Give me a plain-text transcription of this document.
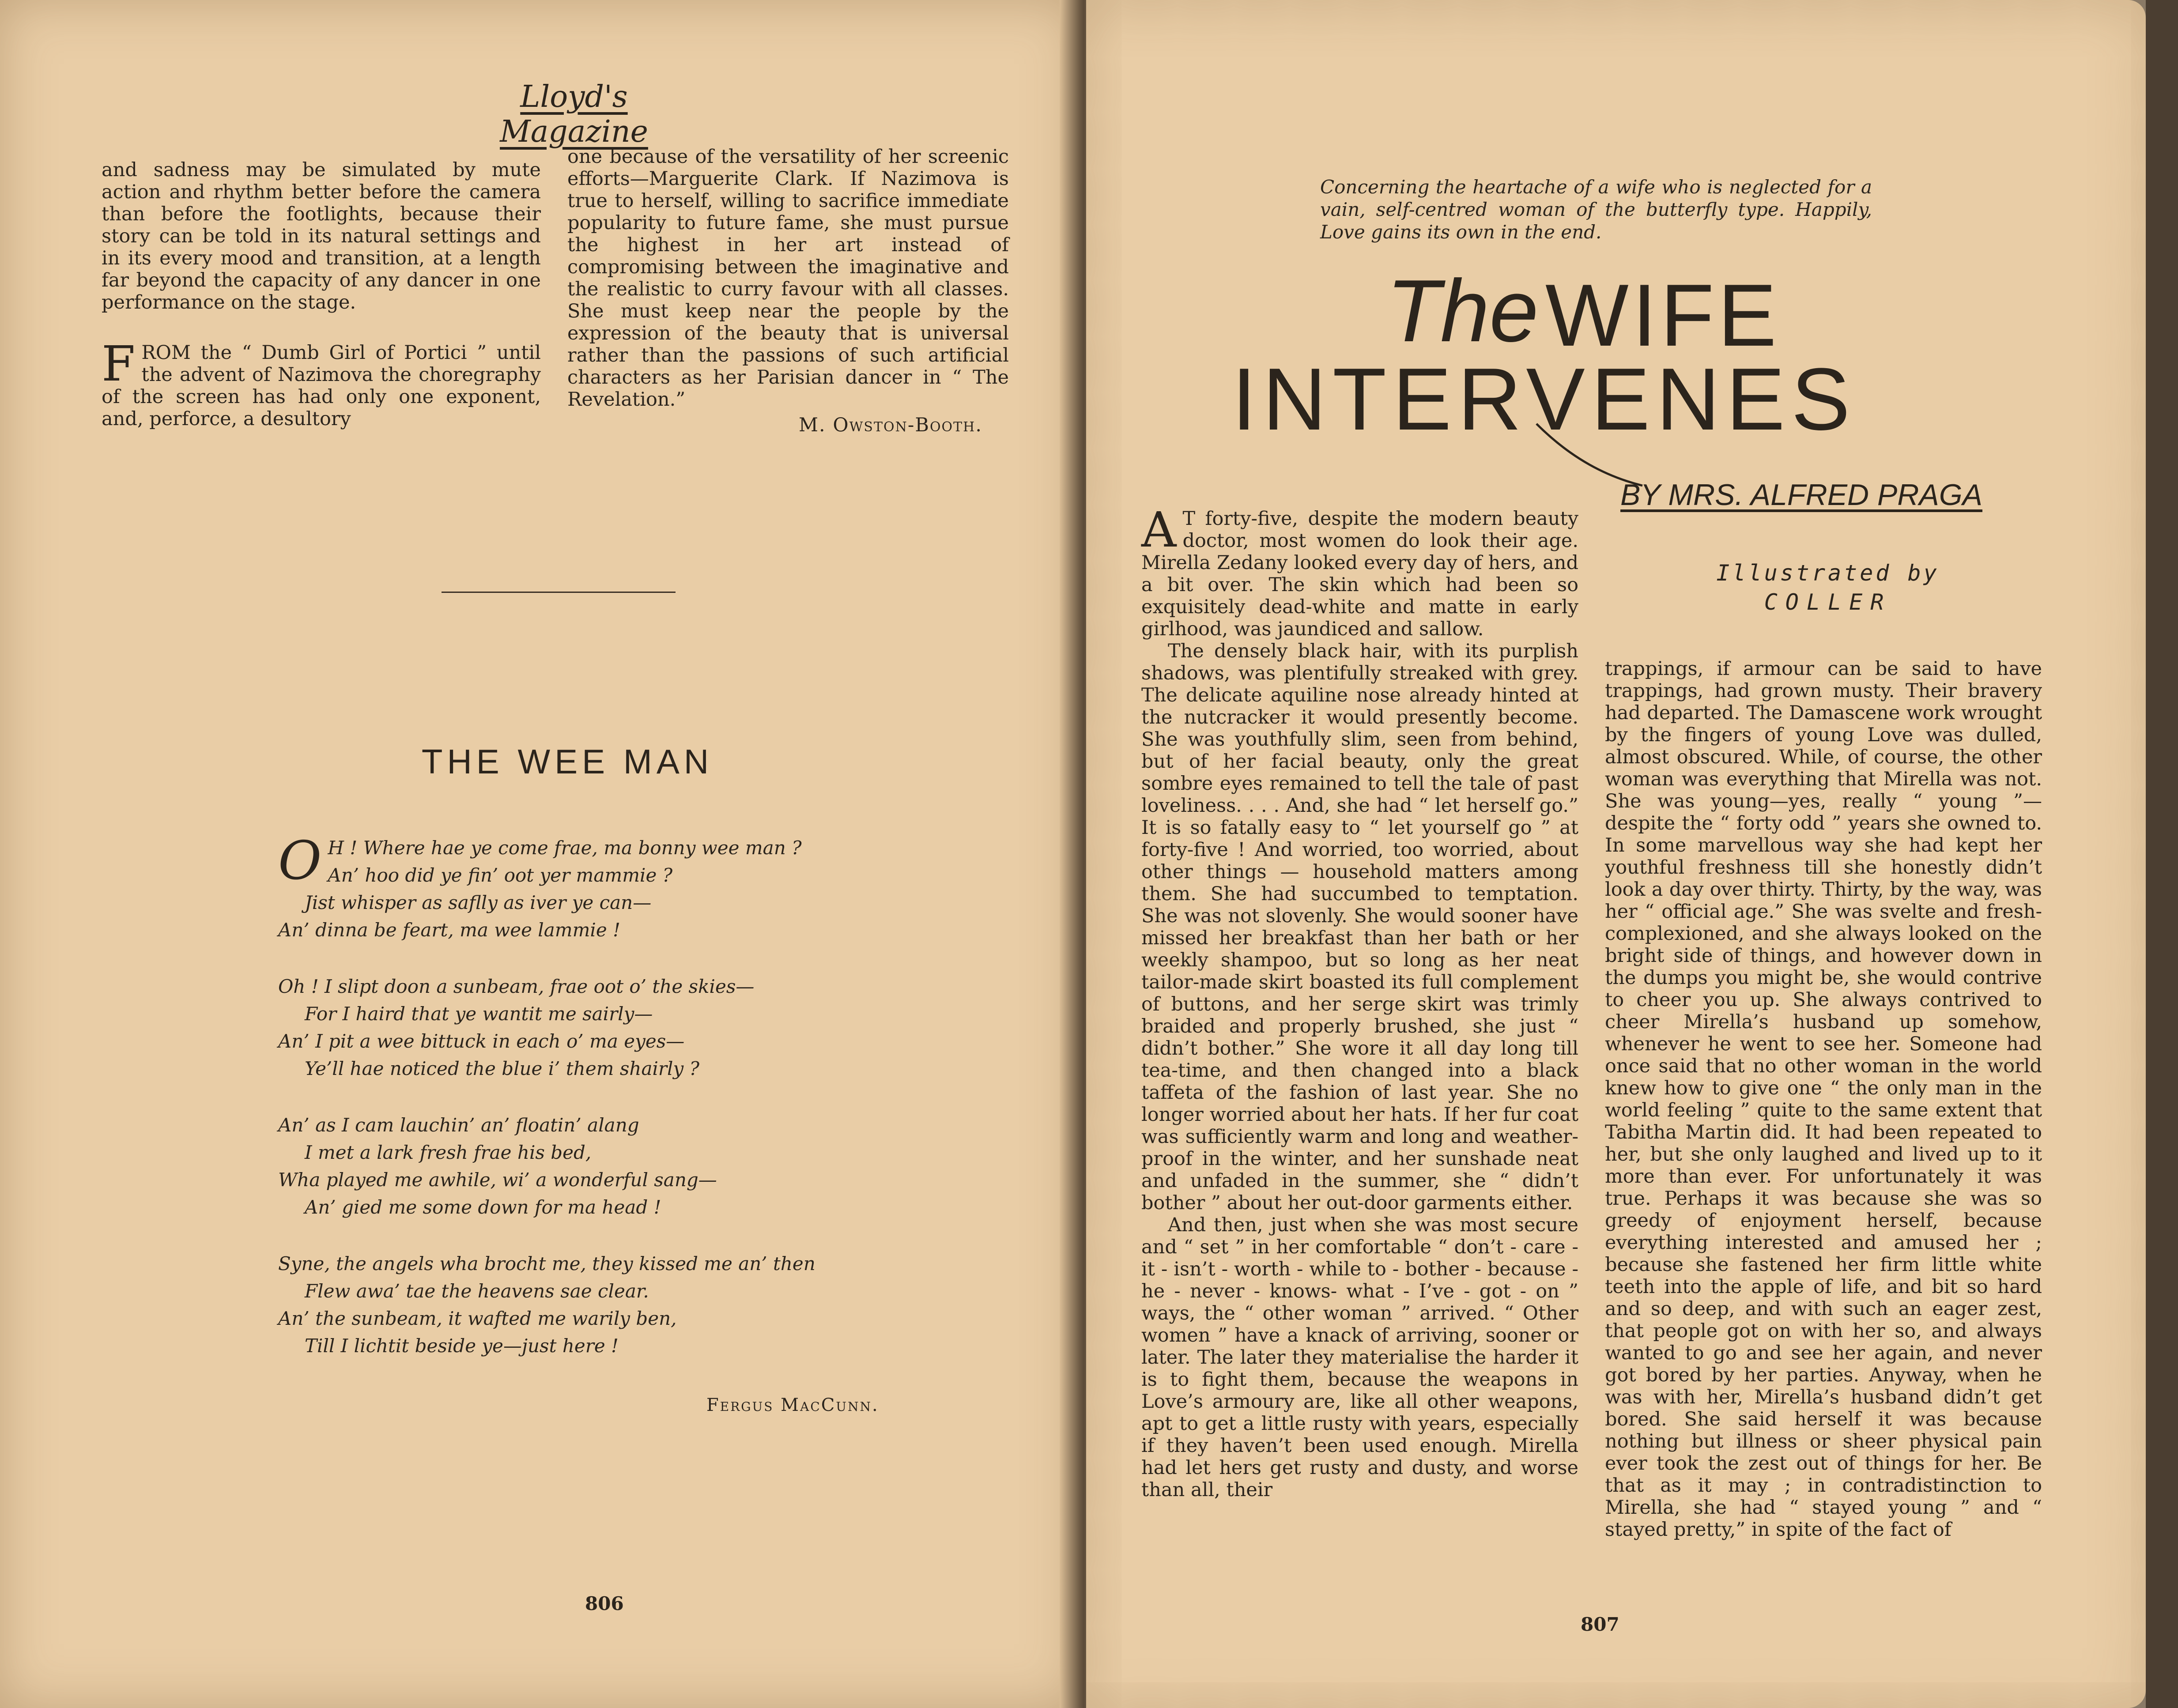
Lloyd's Magazine

and sadness may be simulated by mute action and rhythm better before the camera than before the footlights, because their story can be told in its natural settings and in its every mood and transition, at a length far beyond the capacity of any dancer in one performance on the stage.

FROM the “ Dumb Girl of Portici ” until the advent of Nazimova the choregraphy of the screen has had only one exponent, and, perforce, a desultory

one because of the versatility of her screenic efforts—Marguerite Clark. If Nazimova is true to herself, willing to sacrifice immediate popularity to future fame, she must pursue the highest in her art instead of compromising between the imaginative and the realistic to curry favour with all classes. She must keep near the people by the expression of the beauty that is universal rather than the passions of such artificial characters as her Parisian dancer in “ The Revelation.”

M. Owston-Booth.
THE WEE MAN
O H ! Where hae ye come frae, ma bonny wee man ?
An’ hoo did ye fin’ oot yer mammie ?
Jist whisper as saflly as iver ye can—
An’ dinna be feart, ma wee lammie !
Oh ! I slipt doon a sunbeam, frae oot o’ the skies—
For I haird that ye wantit me sairly—
An’ I pit a wee bittuck in each o’ ma eyes—
Ye’ll hae noticed the blue i’ them shairly ?
An’ as I cam lauchin’ an’ floatin’ alang
I met a lark fresh frae his bed,
Wha played me awhile, wi’ a wonderful sang—
An’ gied me some down for ma head !
Syne, the angels wha brocht me, they kissed me an’ then
Flew awa’ tae the heavens sae clear.
An’ the sunbeam, it wafted me warily ben,
Till I lichtit beside ye—just here !
Fergus MacCunn.
806
Concerning the heartache of a wife who is neglected for a vain, self-centred woman of the butterfly type. Happily, Love gains its own in the end.
The WIFE
INTERVENES
BY MRS. ALFRED PRAGA
Illustrated by
COLLER

A T forty-five, despite the modern beauty doctor, most women do look their age. Mirella Zedany looked every day of hers, and a bit over. The skin which had been so exquisitely dead-white and matte in early girlhood, was jaundiced and sallow.

The densely black hair, with its purplish shadows, was plentifully streaked with grey. The delicate aquiline nose already hinted at the nutcracker it would presently become. She was youthfully slim, seen from behind, but of her facial beauty, only the great sombre eyes remained to tell the tale of past loveliness. . . . And, she had “ let herself go.” It is so fatally easy to “ let yourself go ” at forty-five ! And worried, too worried, about other things — household matters among them. She had succumbed to temptation. She was not slovenly. She would sooner have missed her breakfast than her bath or her weekly shampoo, but so long as her neat tailor-made skirt boasted its full complement of buttons, and her serge skirt was trimly braided and properly brushed, she just “ didn’t bother.” She wore it all day long till tea-time, and then changed into a black taffeta of the fashion of last year. She no longer worried about her hats. If her fur coat was sufficiently warm and long and weather-proof in the winter, and her sunshade neat and unfaded in the summer, she “ didn’t bother ” about her out-door garments either.

And then, just when she was most secure and “ set ” in her comfortable “ don’t - care - it - isn’t - worth - while to - bother - because - he - never - knows- what - I’ve - got - on ” ways, the “ other woman ” arrived. “ Other women ” have a knack of arriving, sooner or later. The later they materialise the harder it is to fight them, because the weapons in Love’s armoury are, like all other weapons, apt to get a little rusty with years, especially if they haven’t been used enough. Mirella had let hers get rusty and dusty, and worse than all, their

trappings, if armour can be said to have trappings, had grown musty. Their bravery had departed. The Damascene work wrought by the fingers of young Love was dulled, almost obscured. While, of course, the other woman was everything that Mirella was not. She was young—yes, really “ young ”—despite the “ forty odd ” years she owned to. In some marvellous way she had kept her youthful freshness till she honestly didn’t look a day over thirty. Thirty, by the way, was her “ official age.” She was svelte and fresh-complexioned, and she always looked on the bright side of things, and however down in the dumps you might be, she would contrive to cheer you up. She always contrived to cheer Mirella’s husband up somehow, whenever he went to see her. Someone had once said that no other woman in the world knew how to give one “ the only man in the world feeling ” quite to the same extent that Tabitha Martin did. It had been repeated to her, but she only laughed and lived up to it more than ever. For unfortunately it was true. Perhaps it was because she was so greedy of enjoyment herself, because everything interested and amused her ; because she fastened her firm little white teeth into the apple of life, and bit so hard and so deep, and with such an eager zest, that people got on with her so, and always wanted to go and see her again, and never got bored by her parties. Anyway, when he was with her, Mirella’s husband didn’t get bored. She said herself it was because nothing but illness or sheer physical pain ever took the zest out of things for her. Be that as it may ; in contradistinction to Mirella, she had “ stayed young ” and “ stayed pretty,” in spite of the fact of

807
